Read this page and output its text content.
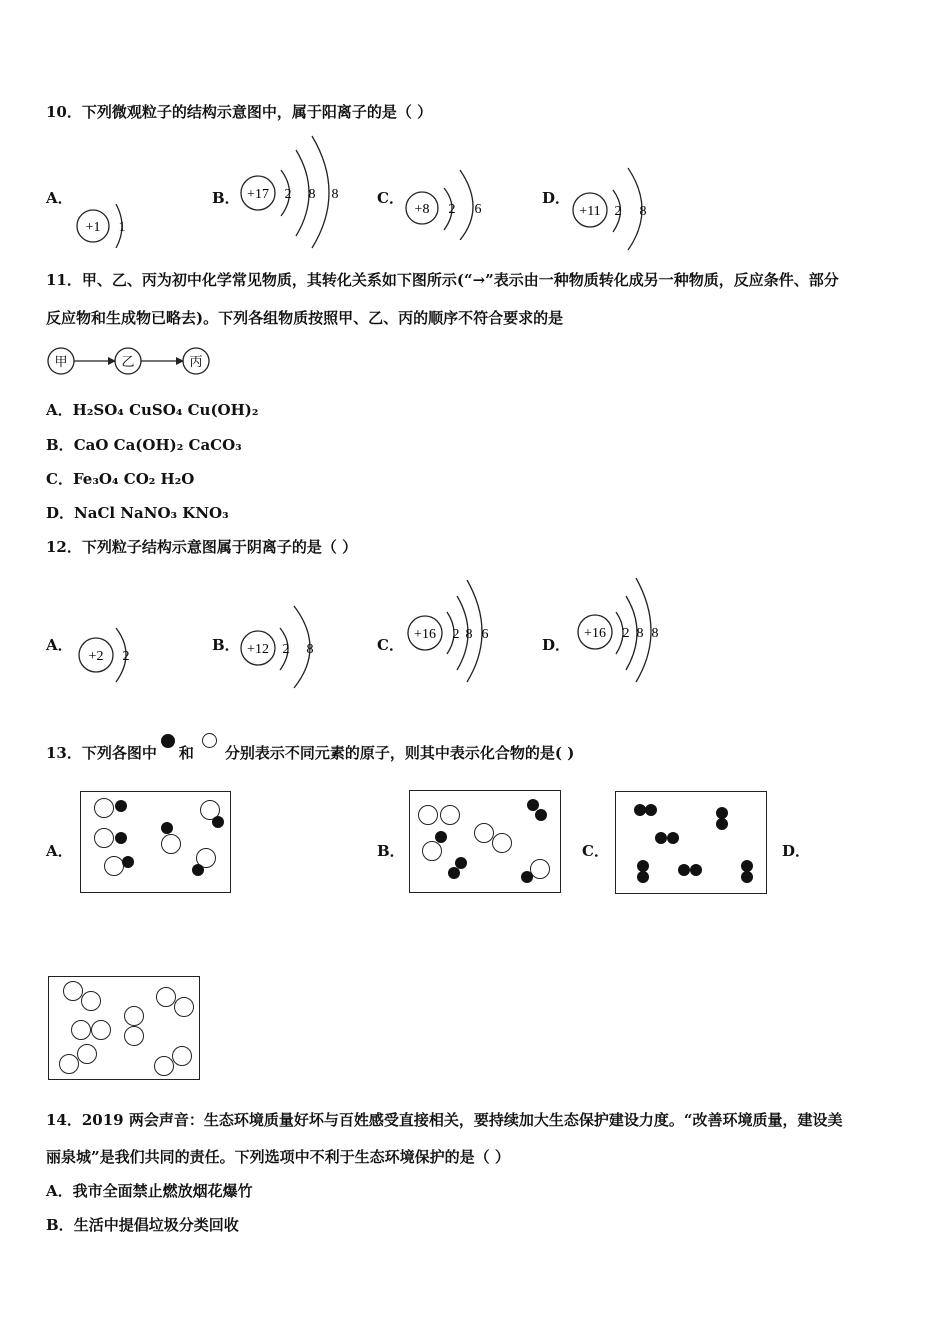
10．下列微观粒子的结构示意图中，属于阳离子的是（ ）
A．
+1 1
B． +17 2 8 8	C．
+8 2 6
D．
+11 2 8
11．甲、乙、丙为初中化学常见物质，其转化关系如下图所示(“→”表示由一种物质转化成另一种物质，反应条件、部分
反应物和生成物已略去)。下列各组物质按照甲、乙、丙的顺序不符合要求的是
甲	乙	丙
A．H₂SO₄ CuSO₄ Cu(OH)₂
B．CaO Ca(OH)₂ CaCO₃
C．Fe₃O₄ CO₂ H₂O
D．NaCl NaNO₃ KNO₃
12．下列粒子结构示意图属于阴离子的是（ ）
A．
+2 2
B． +12 2 8	C．
+16 2 8 6
D．
+16 2 8 8
13．下列各图中 和 分别表示不同元素的原子，则其中表示化合物的是( )
A．	B．	C．	D．
14．2019 两会声音：生态环境质量好坏与百姓感受直接相关，要持续加大生态保护建设力度。“改善环境质量，建设美
丽泉城”是我们共同的责任。下列选项中不利于生态环境保护的是（ ）
A．我市全面禁止燃放烟花爆竹
B．生活中提倡垃圾分类回收
